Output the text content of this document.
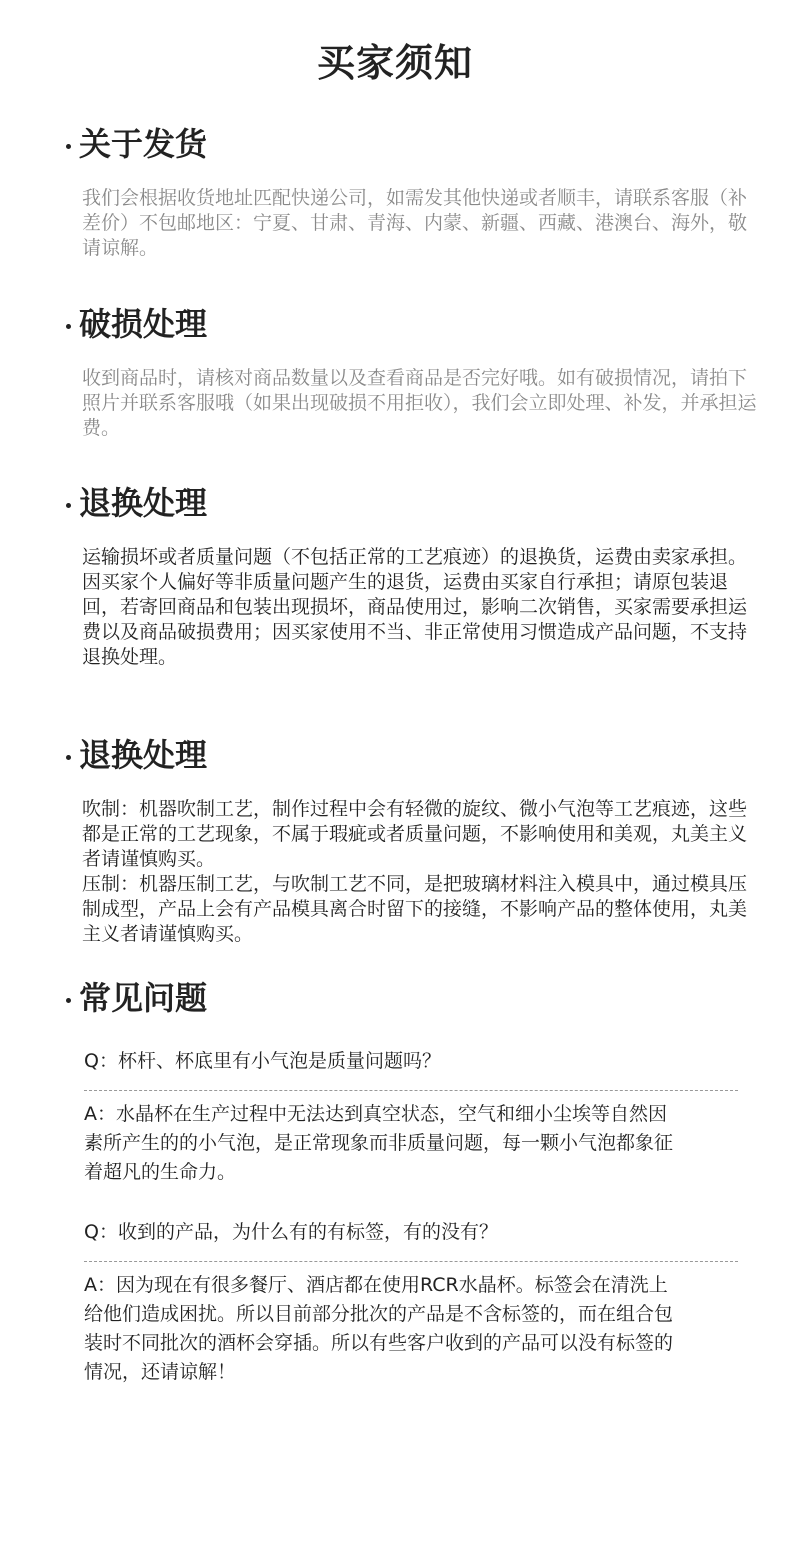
买家须知
关于发货

我们会根据收货地址匹配快递公司，如需发其他快递或者顺丰，请联系客服（补差价）不包邮地区：宁夏、甘肃、青海、内蒙、新疆、西藏、港澳台、海外，敬请谅解。

破损处理

收到商品时，请核对商品数量以及查看商品是否完好哦。如有破损情况，请拍下照片并联系客服哦（如果出现破损不用拒收），我们会立即处理、补发，并承担运费。

退换处理

运输损坏或者质量问题（不包括正常的工艺痕迹）的退换货，运费由卖家承担。

因买家个人偏好等非质量问题产生的退货，运费由买家自行承担；请原包装退回，若寄回商品和包装出现损坏，商品使用过，影响二次销售，买家需要承担运费以及商品破损费用；因买家使用不当、非正常使用习惯造成产品问题，不支持退换处理。

退换处理

吹制：机器吹制工艺，制作过程中会有轻微的旋纹、微小气泡等工艺痕迹，这些都是正常的工艺现象，不属于瑕疵或者质量问题，不影响使用和美观，丸美主义者请谨慎购买。

压制：机器压制工艺，与吹制工艺不同，是把玻璃材料注入模具中，通过模具压制成型，产品上会有产品模具离合时留下的接缝，不影响产品的整体使用，丸美主义者请谨慎购买。

常见问题
Q：杯杆、杯底里有小气泡是质量问题吗？
A：水晶杯在生产过程中无法达到真空状态，空气和细小尘埃等自然因素所产生的的小气泡，是正常现象而非质量问题，每一颗小气泡都象征着超凡的生命力。
Q：收到的产品，为什么有的有标签，有的没有？
A：因为现在有很多餐厅、酒店都在使用RCR水晶杯。标签会在清洗上给他们造成困扰。所以目前部分批次的产品是不含标签的，而在组合包装时不同批次的酒杯会穿插。所以有些客户收到的产品可以没有标签的情况，还请谅解！
